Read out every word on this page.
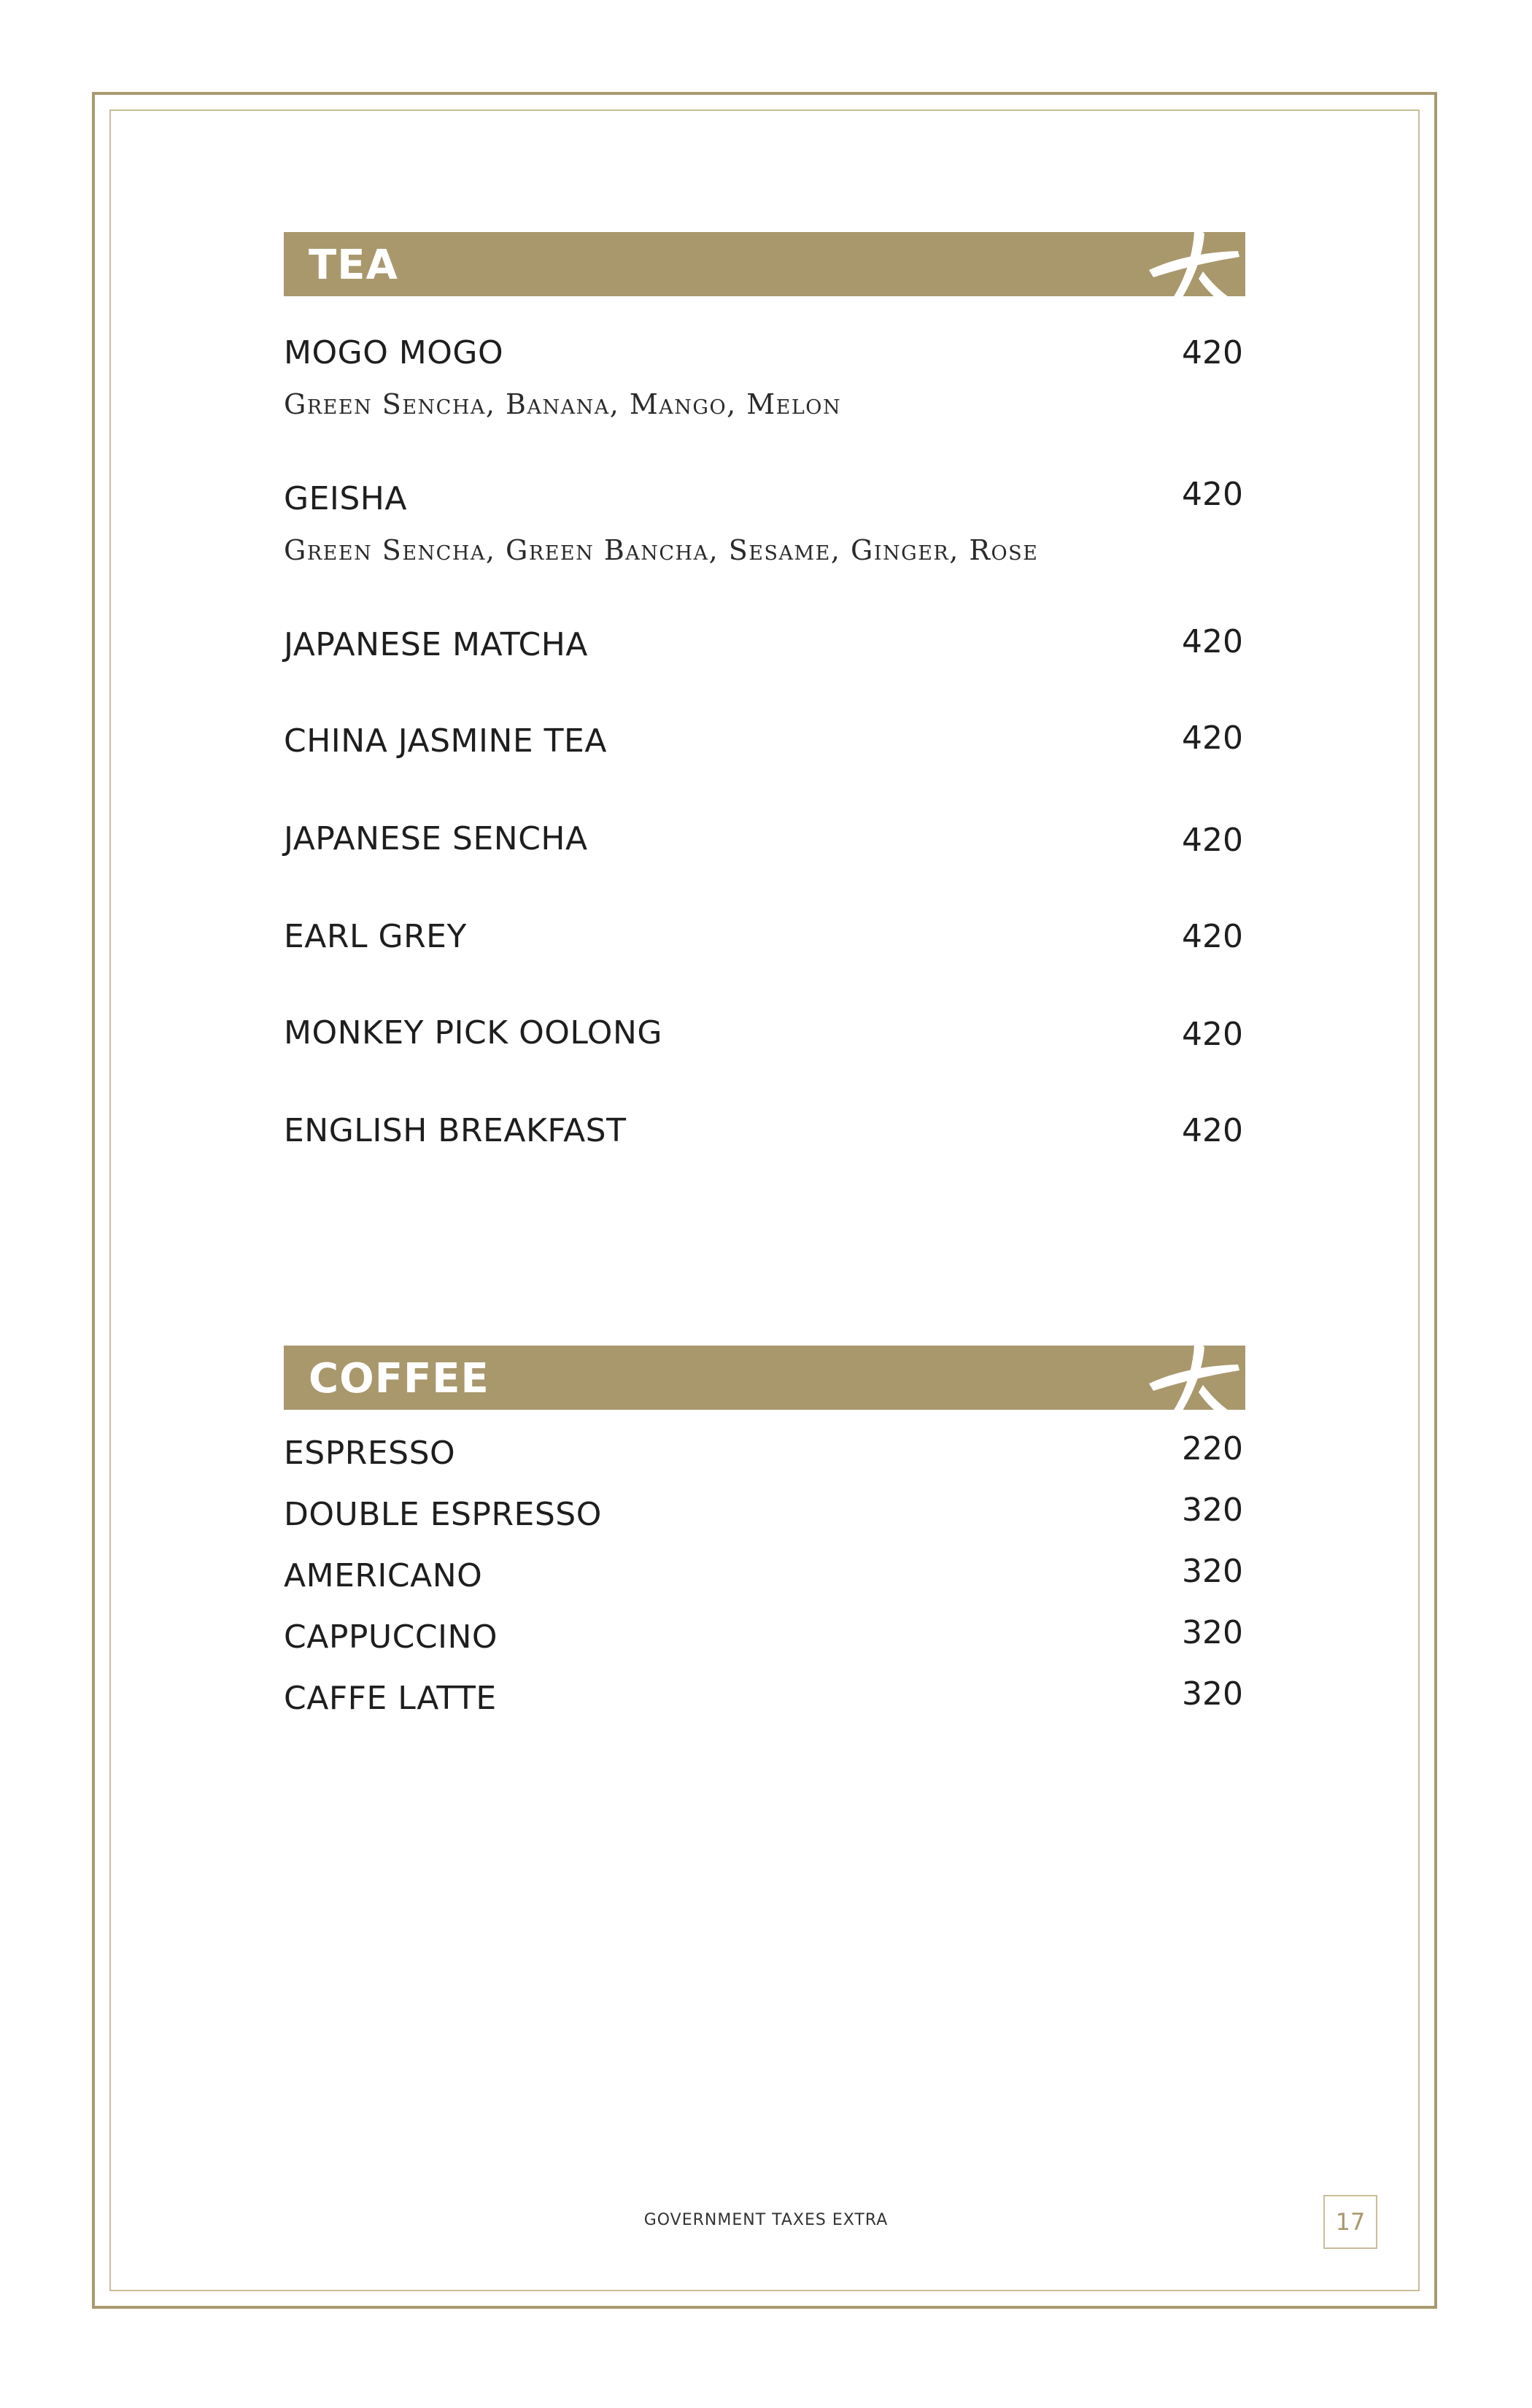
TEA
MOGO MOGO	420
Green Sencha, Banana, Mango, Melon
GEISHA	420
Green Sencha, Green Bancha, Sesame, Ginger, Rose
JAPANESE MATCHA	420
CHINA JASMINE TEA	420
JAPANESE SENCHA	420
EARL GREY	420
MONKEY PICK OOLONG	420
ENGLISH BREAKFAST	420
COFFEE
ESPRESSO	220
DOUBLE ESPRESSO	320
AMERICANO	320
CAPPUCCINO	320
CAFFE LATTE	320
GOVERNMENT TAXES EXTRA	17
